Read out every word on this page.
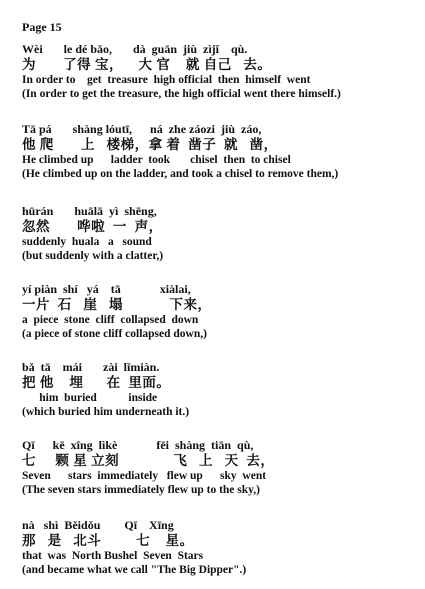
Page 15
Wèi       le dé bǎo,       dà  guān  jiù  zìjǐ    qù.
为       了得 宝，    大 官    就 自己   去。
In order to    get  treasure  high official  then  himself  went
(In order to get the treasure, the high official went there himself.)
Tā pá       shàng lóutī,      ná  zhe záozi  jiù  záo,
他 爬       上   楼梯，拿 着  凿子  就   凿，
He climbed up      ladder  took       chisel  then  to chisel
(He climbed up on the ladder, and took a chisel to remove them,)
hūrán       huālā  yì  shēng,
忽然       哗啦  一  声，
suddenly  huala   a   sound
(but suddenly with a clatter,)
yí piàn  shí   yá    tā             xiàlai,
一片  石   崖   塌            下来，
a  piece  stone  cliff  collapsed  down
(a piece of stone cliff collapsed down,)
bǎ  tā    mái       zài  lǐmiàn.
把 他    埋      在  里面。
him  buried           inside
(which buried him underneath it.)
Qī      kē  xīng  lìkè             fēi  shàng  tiān  qù,
七     颗 星 立刻              飞   上   天  去，
Seven      stars  immediately   flew up      sky  went
(The seven stars immediately flew up to the sky,)
nà   shì  Běidǒu        Qī    Xīng
那   是   北斗         七    星。
that  was  North Bushel  Seven  Stars
(and became what we call "The Big Dipper".)
